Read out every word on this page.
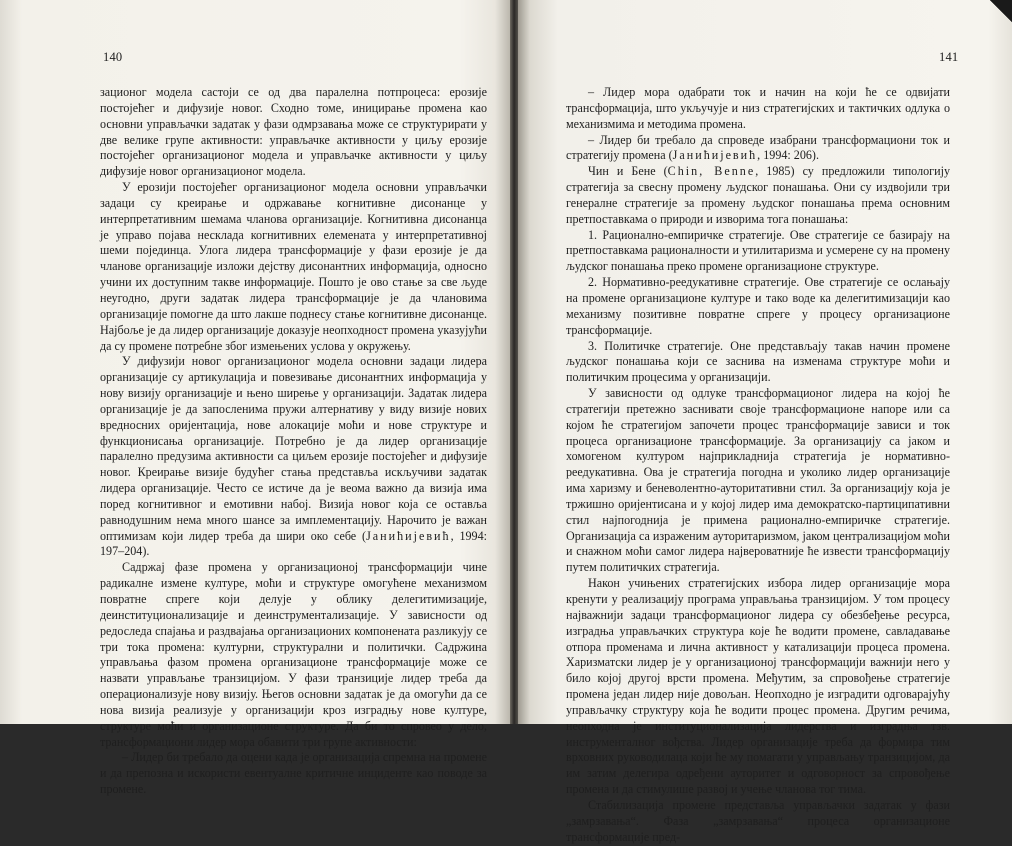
140

зационог модела састоји се од два паралелна потпроцеса: ерозије постојећег и дифузије новог. Сходно томе, иницирање промена као основни управљачки задатак у фази одмрзавања може се структурирати у две велике групе активности: управљачке активности у циљу ерозије постојећег организационог модела и управљачке активности у циљу дифузије новог организационог модела.

У ерозији постојећег организационог модела основни управљачки задаци су креирање и одржавање когнитивне дисонанце у интерпретативним шемама чланова организације. Когнитивна дисонанца је управо појава несклада когнитивних елемената у интерпретативној шеми појединца. Улога лидера трансформације у фази ерозије је да чланове организације изложи дејству дисонантних информација, односно учини их доступним такве информације. Пошто је ово стање за све људе неугодно, други задатак лидера трансформације је да члановима организације помогне да што лакше поднесу стање когнитивне дисонанце. Најбоље је да лидер организације доказује неопходност промена указујући да су промене потребне због измењених услова у окружењу.

У дифузији новог организационог модела основни задаци лидера организације су артикулација и повезивање дисонантних информација у нову визију организације и њено ширење у организацији. Задатак лидера организације је да запосленима пружи алтернативу у виду визије нових вредносних оријентација, нове алокације моћи и нове структуре и функционисања организације. Потребно је да лидер организације паралелно предузима активности са циљем ерозије постојећег и дифузије новог. Креирање визије будућег стања представља искључиви задатак лидера организације. Често се истиче да је веома важно да визија има поред когнитивног и емотивни набој. Визија новог која се оставља равнодушним нема много шансе за имплементацију. Нарочито је важан оптимизам који лидер треба да шири око себе (Јанићијевић, 1994: 197–204).

Садржај фазе промена у организационој трансформацији чине радикалне измене културе, моћи и структуре омогућене механизмом повратне спреге који делује у облику делегитимизације, деинституционализације и деинструментализације. У зависности од редоследа спајања и раздвајања организационих компонената разликују се три тока промена: културни, структурални и политички. Садржина управљања фазом промена организационе трансформације може се назвати управљање транзицијом. У фази транзиције лидер треба да операционализује нову визију. Његов основни задатак је да омогући да се нова визија реализује у организацији кроз изградњу нове културе, структуре моћи и организационе структуре. Да би то спровео у дело, трансформациони лидер мора обавити три групе активности:

– Лидер би требало да оцени када је организација спремна на промене и да препозна и искористи евентуалне критичне инциденте као поводе за промене.

141

– Лидер мора одабрати ток и начин на који ће се одвијати трансформација, што укључује и низ стратегијских и тактичких одлука о механизмима и методима промена.

– Лидер би требало да спроведе изабрани трансформациони ток и стратегију промена (Јанићијевић, 1994: 206).

Чин и Бене (Chin, Benne, 1985) су предложили типологију стратегија за свесну промену људског понашања. Они су издвојили три генералне стратегије за промену људског понашања према основним претпоставкама о природи и изворима тога понашања:

1. Рационално-емпиричке стратегије. Ове стратегије се базирају на претпоставкама рационалности и утилитаризма и усмерене су на промену људског понашања преко промене организационе структуре.

2. Нормативно-реедукативне стратегије. Ове стратегије се ослањају на промене организационе културе и тако воде ка делегитимизацији као механизму позитивне повратне спреге у процесу организационе трансформације.

3. Политичке стратегије. Оне представљају такав начин промене људског понашања који се заснива на изменама структуре моћи и политичким процесима у организацији.

У зависности од одлуке трансформационог лидера на којој ће стратегији претежно заснивати своје трансформационе напоре или са којом ће стратегијом започети процес трансформације зависи и ток процеса организационе трансформације. За организацију са јаком и хомогеном културом најприкладнија стратегија је нормативно-реедукативна. Ова је стратегија погодна и уколико лидер организације има харизму и беневолентно-ауторитативни стил. За организацију која је тржишно оријентисана и у којој лидер има демократско-партиципативни стил најпогоднија је примена рационално-емпиричке стратегије. Организација са израженим ауторитаризмом, јаком централизацијом моћи и снажном моћи самог лидера највероватније ће извести трансформацију путем политичких стратегија.

Након учињених стратегијских избора лидер организације мора кренути у реализацију програма управљања транзицијом. У том процесу најважнији задаци трансформационог лидера су обезбеђење ресурса, изградња управљачких структура које ће водити промене, савладавање отпора променама и лична активност у катализацији процеса промена. Харизматски лидер је у организационој трансформацији важнији него у било којој другој врсти промена. Међутим, за спровођење стратегије промена један лидер није довољан. Неопходно је изградити одговарајућу управљачку структуру која ће водити процес промена. Другим речима, неопходна је институционализација лидерства и изградња тзв. инструменталног вођства. Лидер организације треба да формира тим врховних руководилаца који ће му помагати у управљању транзицијом, да им затим делегира одређени ауторитет и одговорност за спровођење промена и да стимулише развој и учење чланова тог тима.

Стабилизација промене представља управљачки задатак у фази „замрзавања“. Фаза „замрзавања“ процеса организационе трансформације пред-
